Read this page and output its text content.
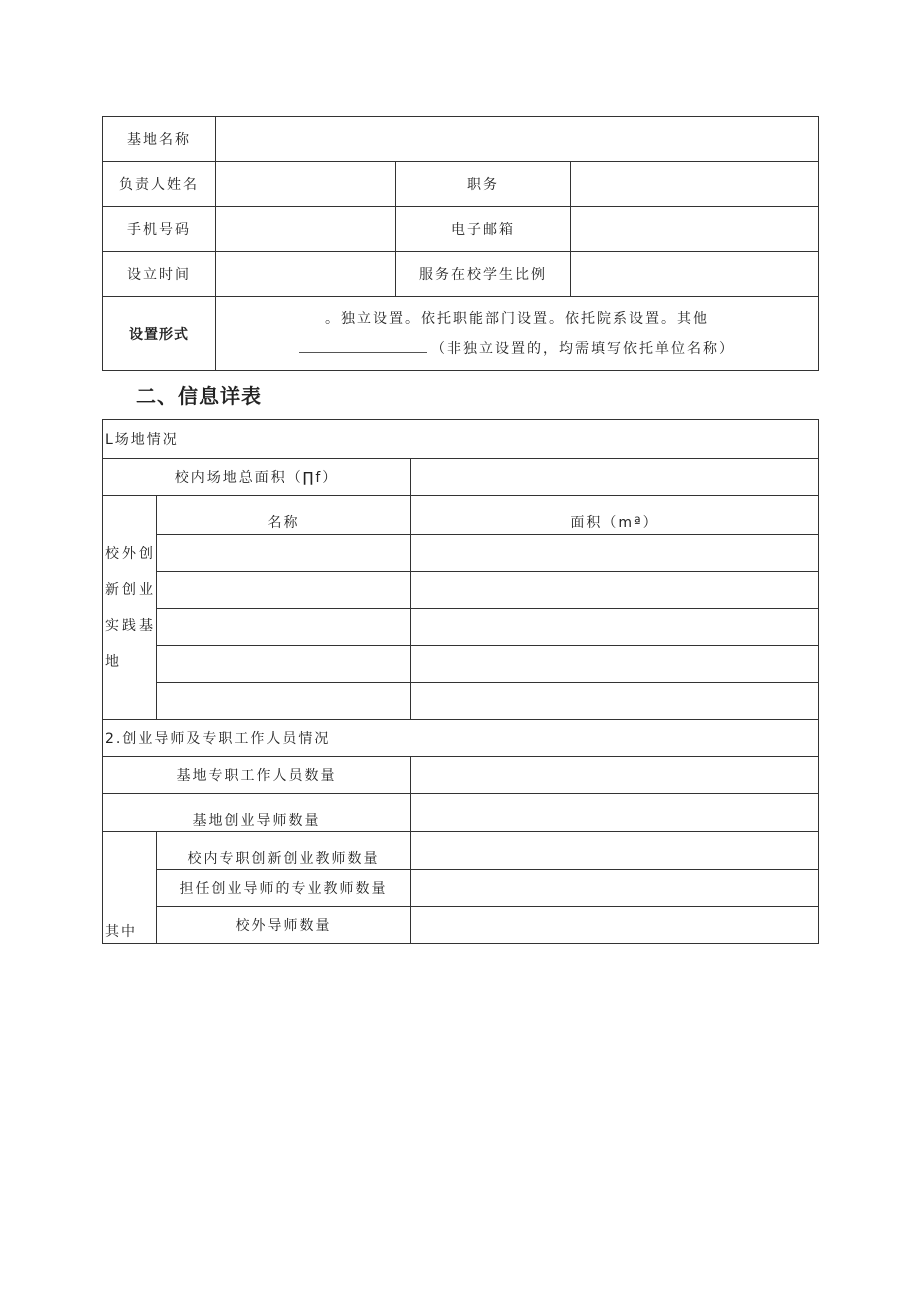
基地名称			
负责人姓名		职务	
手机号码		电子邮箱	
设立时间		服务在校学生比例	
设置形式	。独立设置。依托职能部门设置。依托院系设置。其他
（非独立设置的，均需填写依托单位名称）		
二、信息详表
L场地情况		
校内场地总面积（∏f）		
校外创新创业实践基地	名称	面积（mª）

2.创业导师及专职工作人员情况		
基地专职工作人员数量		
基地创业导师数量		
其中	校内专职创新创业教师数量	
	担任创业导师的专业教师数量	
	校外导师数量	
